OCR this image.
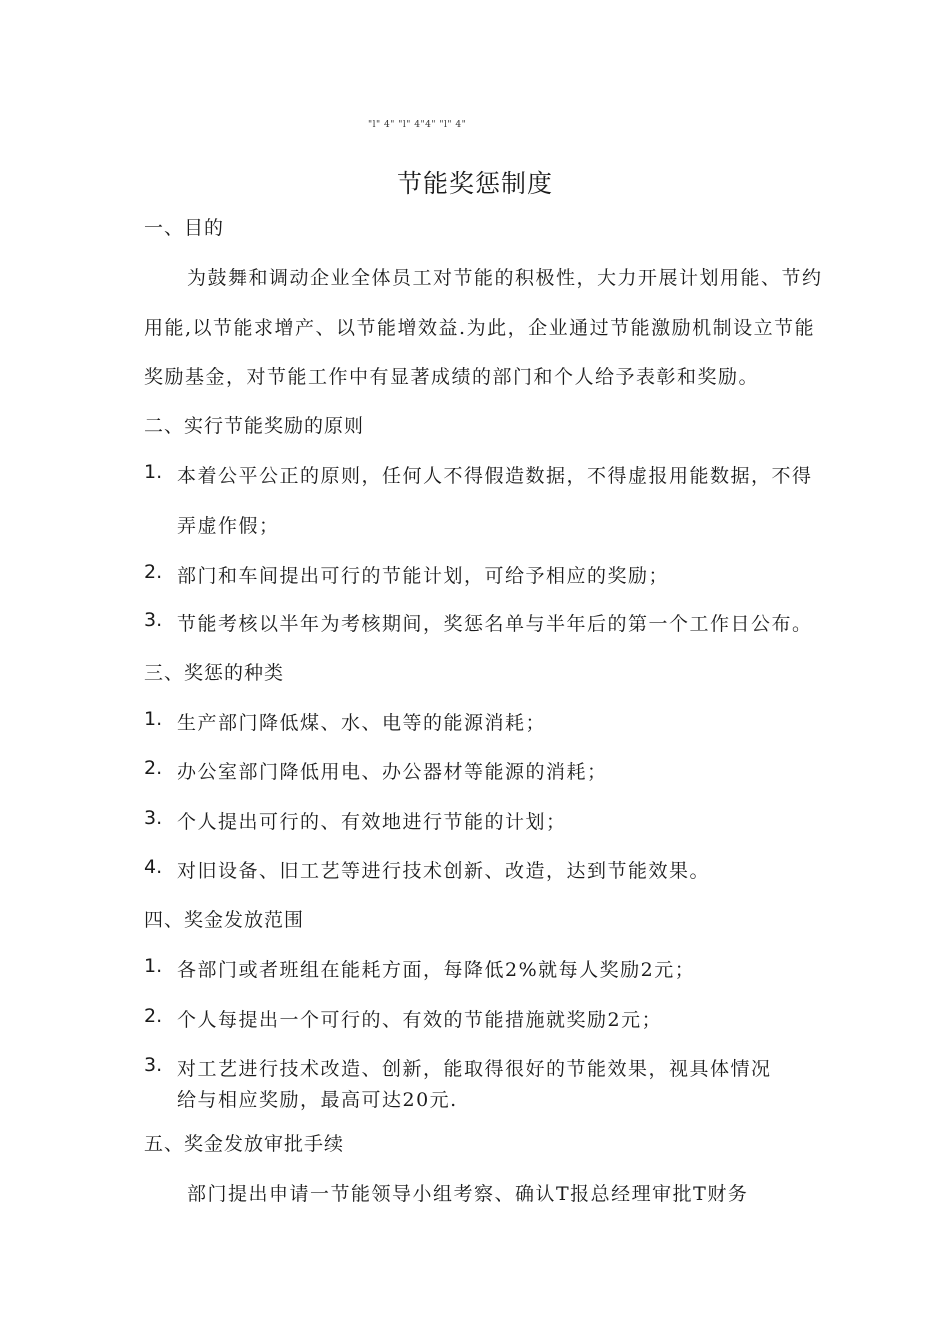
"l" 4" "l" 4"4" "l" 4"
节能奖惩制度
一、目的
为鼓舞和调动企业全体员工对节能的积极性，大力开展计划用能、节约
用能,以节能求增产、以节能增效益.为此，企业通过节能激励机制设立节能
奖励基金，对节能工作中有显著成绩的部门和个人给予表彰和奖励。
二、实行节能奖励的原则
1. 本着公平公正的原则，任何人不得假造数据，不得虚报用能数据，不得
弄虚作假；
2. 部门和车间提出可行的节能计划，可给予相应的奖励；
3. 节能考核以半年为考核期间，奖惩名单与半年后的第一个工作日公布。
三、奖惩的种类
1. 生产部门降低煤、水、电等的能源消耗；
2. 办公室部门降低用电、办公器材等能源的消耗；
3. 个人提出可行的、有效地进行节能的计划；
4. 对旧设备、旧工艺等进行技术创新、改造，达到节能效果。
四、奖金发放范围
1. 各部门或者班组在能耗方面，每降低2%就每人奖励2元；
2. 个人每提出一个可行的、有效的节能措施就奖励2元；
3. 对工艺进行技术改造、创新，能取得很好的节能效果，视具体情况
给与相应奖励，最高可达20元.
五、奖金发放审批手续
部门提出申请一节能领导小组考察、确认T报总经理审批T财务
